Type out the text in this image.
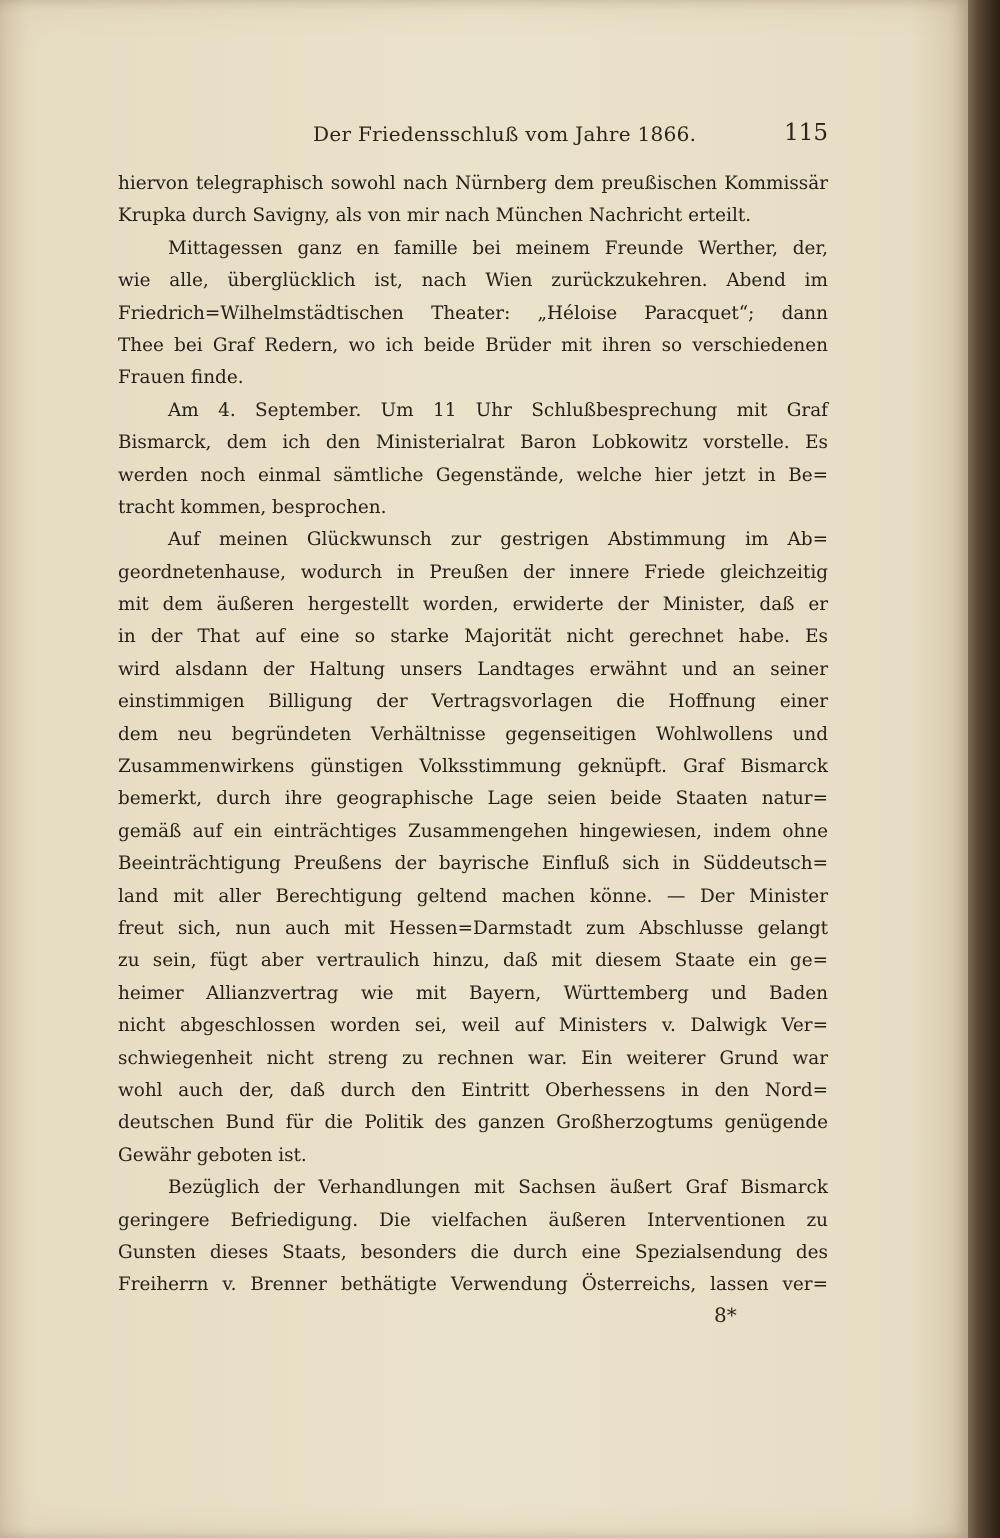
Der Friedensschluß vom Jahre 1866.	115
hiervon telegraphisch sowohl nach Nürnberg dem preußischen Kommissär
Krupka durch Savigny, als von mir nach München Nachricht erteilt.
Mittagessen ganz en famille bei meinem Freunde Werther, der,
wie alle, überglücklich ist, nach Wien zurückzukehren. Abend im
Friedrich=Wilhelmstädtischen Theater: „Héloise Paracquet“; dann
Thee bei Graf Redern, wo ich beide Brüder mit ihren so verschiedenen
Frauen finde.
Am 4. September. Um 11 Uhr Schlußbesprechung mit Graf
Bismarck, dem ich den Ministerialrat Baron Lobkowitz vorstelle. Es
werden noch einmal sämtliche Gegenstände, welche hier jetzt in Be=
tracht kommen, besprochen.
Auf meinen Glückwunsch zur gestrigen Abstimmung im Ab=
geordnetenhause, wodurch in Preußen der innere Friede gleichzeitig
mit dem äußeren hergestellt worden, erwiderte der Minister, daß er
in der That auf eine so starke Majorität nicht gerechnet habe. Es
wird alsdann der Haltung unsers Landtages erwähnt und an seiner
einstimmigen Billigung der Vertragsvorlagen die Hoffnung einer
dem neu begründeten Verhältnisse gegenseitigen Wohlwollens und
Zusammenwirkens günstigen Volksstimmung geknüpft. Graf Bismarck
bemerkt, durch ihre geographische Lage seien beide Staaten natur=
gemäß auf ein einträchtiges Zusammengehen hingewiesen, indem ohne
Beeinträchtigung Preußens der bayrische Einfluß sich in Süddeutsch=
land mit aller Berechtigung geltend machen könne. — Der Minister
freut sich, nun auch mit Hessen=Darmstadt zum Abschlusse gelangt
zu sein, fügt aber vertraulich hinzu, daß mit diesem Staate ein ge=
heimer Allianzvertrag wie mit Bayern, Württemberg und Baden
nicht abgeschlossen worden sei, weil auf Ministers v. Dalwigk Ver=
schwiegenheit nicht streng zu rechnen war. Ein weiterer Grund war
wohl auch der, daß durch den Eintritt Oberhessens in den Nord=
deutschen Bund für die Politik des ganzen Großherzogtums genügende
Gewähr geboten ist.
Bezüglich der Verhandlungen mit Sachsen äußert Graf Bismarck
geringere Befriedigung. Die vielfachen äußeren Interventionen zu
Gunsten dieses Staats, besonders die durch eine Spezialsendung des
Freiherrn v. Brenner bethätigte Verwendung Österreichs, lassen ver=
8*
